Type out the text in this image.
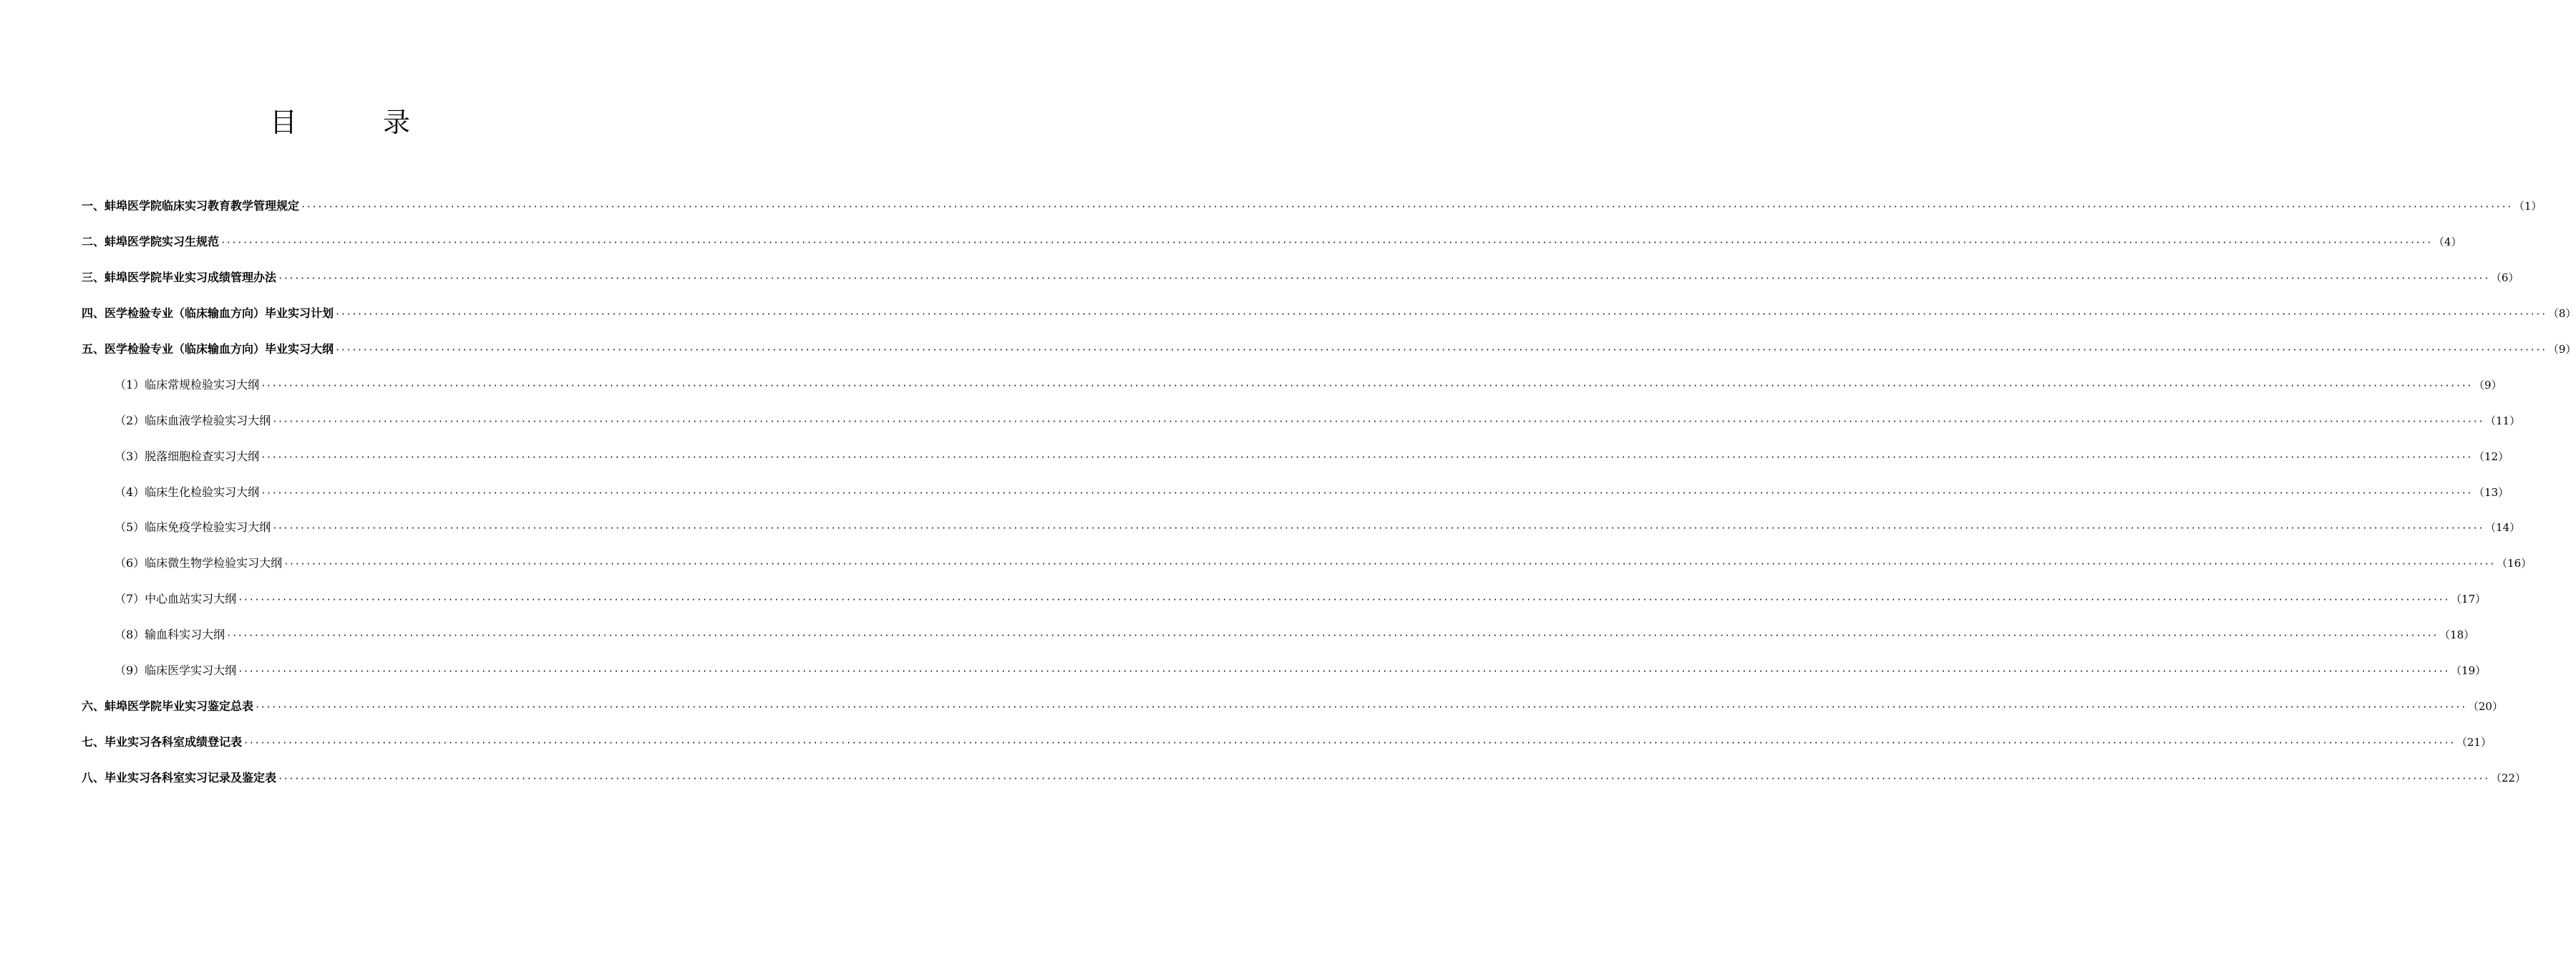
目	录
一、蚌埠医学院临床实习教育教学管理规定 ················································································································································································································································································································································································································ （1）
二、蚌埠医学院实习生规范 ················································································································································································································································································································································································································ （4）
三、蚌埠医学院毕业实习成绩管理办法 ················································································································································································································································································································································································································ （6）
四、医学检验专业（临床输血方向）毕业实习计划 ················································································································································································································································································································································································································ （8）
五、医学检验专业（临床输血方向）毕业实习大纲 ················································································································································································································································································································································································································ （9）
（1）临床常规检验实习大纲 ················································································································································································································································································································································································································ （9）
（2）临床血液学检验实习大纲 ················································································································································································································································································································································································································ （11）
（3）脱落细胞检查实习大纲 ················································································································································································································································································································································································································ （12）
（4）临床生化检验实习大纲 ················································································································································································································································································································································································································ （13）
（5）临床免疫学检验实习大纲 ················································································································································································································································································································································································································ （14）
（6）临床微生物学检验实习大纲 ················································································································································································································································································································································································································ （16）
（7）中心血站实习大纲 ················································································································································································································································································································································································································ （17）
（8）输血科实习大纲 ················································································································································································································································································································································································································ （18）
（9）临床医学实习大纲 ················································································································································································································································································································································································································ （19）
六、蚌埠医学院毕业实习鉴定总表 ················································································································································································································································································································································································································ （20）
七、毕业实习各科室成绩登记表 ················································································································································································································································································································································································································ （21）
八、毕业实习各科室实习记录及鉴定表 ················································································································································································································································································································································································································ （22）
